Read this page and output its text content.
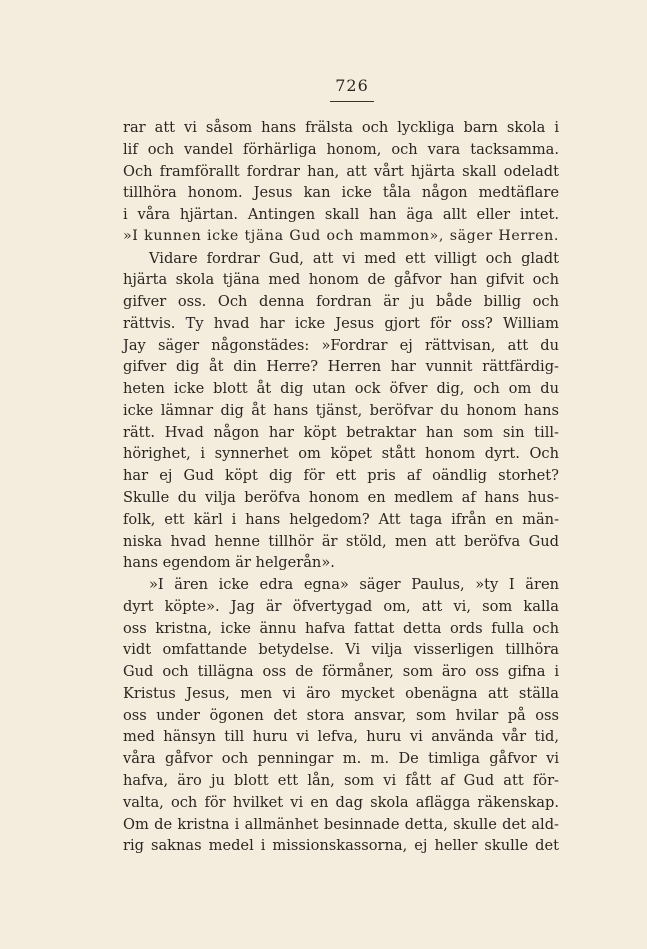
726
rar att vi såsom hans frälsta och lyckliga barn skola i
lif och vandel förhärliga honom, och vara tacksamma.
Och framförallt fordrar han, att vårt hjärta skall odeladt
tillhöra honom. Jesus kan icke tåla någon medtäflare
i våra hjärtan. Antingen skall han äga allt eller intet.
»I kunnen icke tjäna Gud och mammon», säger Herren.
Vidare fordrar Gud, att vi med ett villigt och gladt
hjärta skola tjäna med honom de gåfvor han gifvit och
gifver oss. Och denna fordran är ju både billig och
rättvis. Ty hvad har icke Jesus gjort för oss? William
Jay säger någonstädes: »Fordrar ej rättvisan, att du
gifver dig åt din Herre? Herren har vunnit rättfärdig-
heten icke blott åt dig utan ock öfver dig, och om du
icke lämnar dig åt hans tjänst, beröfvar du honom hans
rätt. Hvad någon har köpt betraktar han som sin till-
hörighet, i synnerhet om köpet stått honom dyrt. Och
har ej Gud köpt dig för ett pris af oändlig storhet?
Skulle du vilja beröfva honom en medlem af hans hus-
folk, ett kärl i hans helgedom? Att taga ifrån en män-
niska hvad henne tillhör är stöld, men att beröfva Gud
hans egendom är helgerån».
»I ären icke edra egna» säger Paulus, »ty I ären
dyrt köpte». Jag är öfvertygad om, att vi, som kalla
oss kristna, icke ännu hafva fattat detta ords fulla och
vidt omfattande betydelse. Vi vilja visserligen tillhöra
Gud och tillägna oss de förmåner, som äro oss gifna i
Kristus Jesus, men vi äro mycket obenägna att ställa
oss under ögonen det stora ansvar, som hvilar på oss
med hänsyn till huru vi lefva, huru vi använda vår tid,
våra gåfvor och penningar m. m. De timliga gåfvor vi
hafva, äro ju blott ett lån, som vi fått af Gud att för-
valta, och för hvilket vi en dag skola aflägga räkenskap.
Om de kristna i allmänhet besinnade detta, skulle det ald-
rig saknas medel i missionskassorna, ej heller skulle det
